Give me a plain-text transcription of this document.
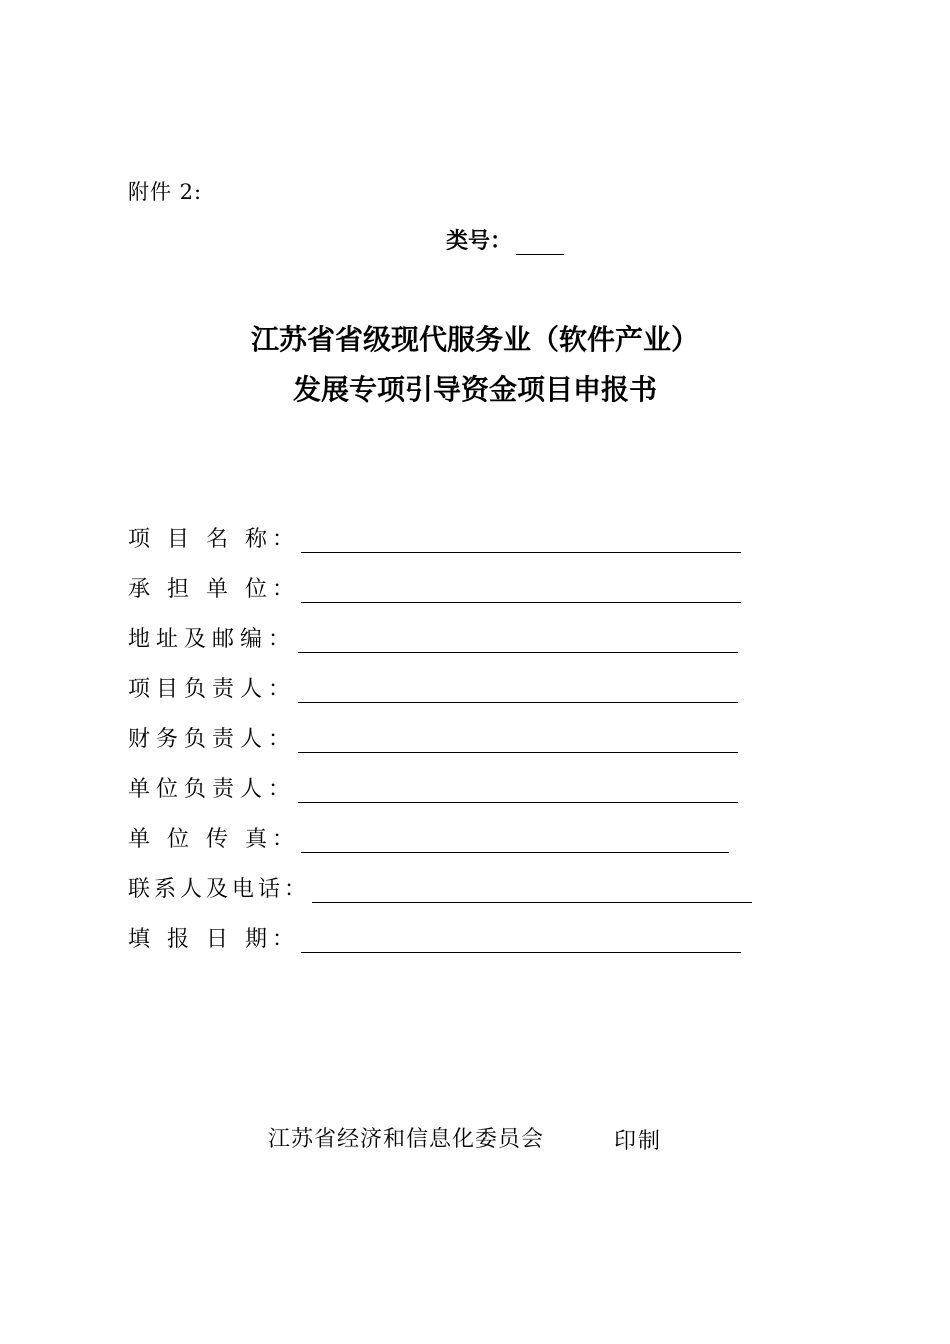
附件 2:
类号：
江苏省省级现代服务业（软件产业）
发展专项引导资金项目申报书
项 目 名 称：
承 担 单 位：
地址及邮编：
项目负责人：
财务负责人：
单位负责人：
单 位 传 真：
联系人及电话：
填 报 日 期：
江苏省经济和信息化委员会	印制
